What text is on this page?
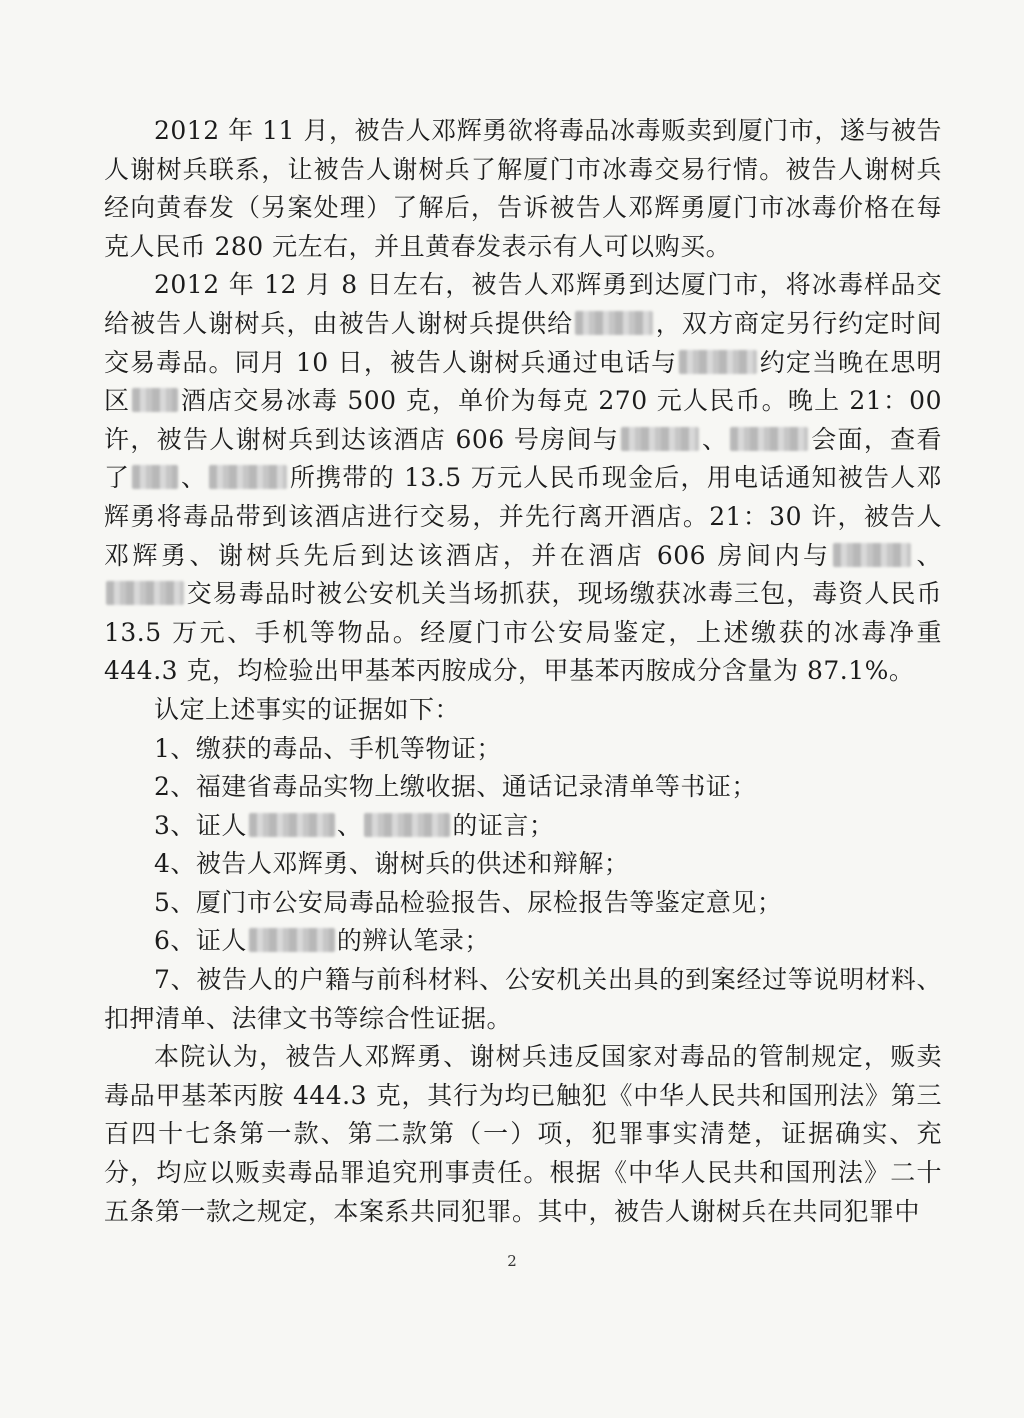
2012 年 11 月，被告人邓辉勇欲将毒品冰毒贩卖到厦门市，遂与被告人谢树兵联系，让被告人谢树兵了解厦门市冰毒交易行情。被告人谢树兵经向黄春发（另案处理）了解后，告诉被告人邓辉勇厦门市冰毒价格在每克人民币 280 元左右，并且黄春发表示有人可以购买。

2012 年 12 月 8 日左右，被告人邓辉勇到达厦门市，将冰毒样品交给被告人谢树兵，由被告人谢树兵提供给	，双方商定另行约定时间交易毒品。同月 10 日，被告人谢树兵通过电话与	约定当晚在思明区 酒店交易冰毒 500 克，单价为每克 270 元人民币。晚上 21：00 许，被告人谢树兵到达该酒店 606 号房间与	、	会面，查看了 、	所携带的 13.5 万元人民币现金后，用电话通知被告人邓辉勇将毒品带到该酒店进行交易，并先行离开酒店。21：30 许，被告人邓辉勇、谢树兵先后到达该酒店，并在酒店 606 房间内与	、交易毒品时被公安机关当场抓获，现场缴获冰毒三包，毒资人民币 13.5 万元、手机等物品。经厦门市公安局鉴定，上述缴获的冰毒净重 444.3 克，均检验出甲基苯丙胺成分，甲基苯丙胺成分含量为 87.1%。

认定上述事实的证据如下：

1、缴获的毒品、手机等物证；

2、福建省毒品实物上缴收据、通话记录清单等书证；

3、证人	、	的证言；

4、被告人邓辉勇、谢树兵的供述和辩解；

5、厦门市公安局毒品检验报告、尿检报告等鉴定意见；

6、证人	的辨认笔录；

7、被告人的户籍与前科材料、公安机关出具的到案经过等说明材料、扣押清单、法律文书等综合性证据。

本院认为，被告人邓辉勇、谢树兵违反国家对毒品的管制规定，贩卖毒品甲基苯丙胺 444.3 克，其行为均已触犯《中华人民共和国刑法》第三百四十七条第一款、第二款第（一）项，犯罪事实清楚，证据确实、充分，均应以贩卖毒品罪追究刑事责任。根据《中华人民共和国刑法》二十五条第一款之规定，本案系共同犯罪。其中，被告人谢树兵在共同犯罪中

2
